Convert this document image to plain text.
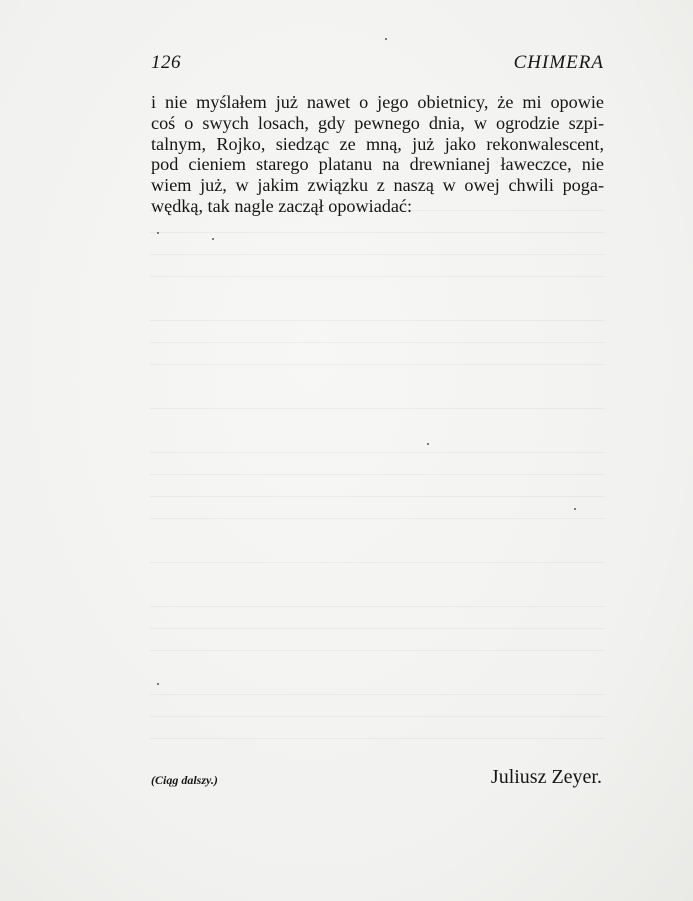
126	CHIMERA
i nie myślałem już nawet o jego obietnicy, że mi opowie
coś o swych losach, gdy pewnego dnia, w ogrodzie szpi-
talnym, Rojko, siedząc ze mną, już jako rekonwalescent,
pod cieniem starego platanu na drewnianej ławeczce, nie
wiem już, w jakim związku z naszą w owej chwili poga-
wędką, tak nagle zaczął opowiadać:
(Ciąg dalszy.)	Juliusz Zeyer.
